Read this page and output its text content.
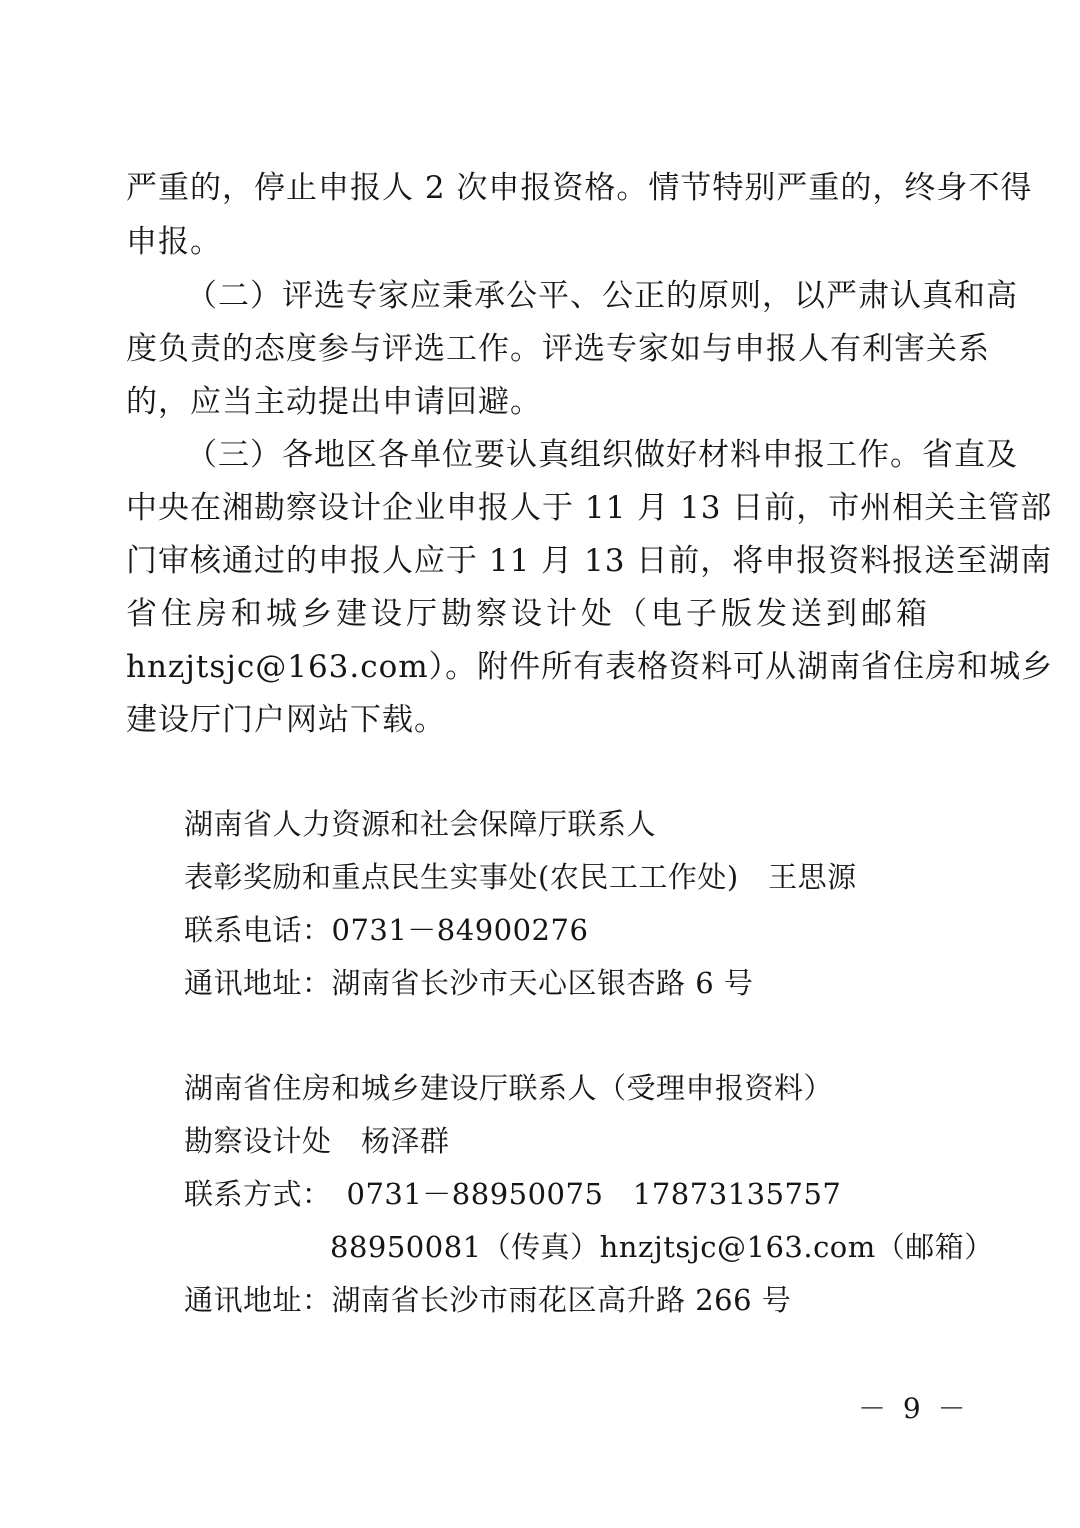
严重的，停止申报人 2 次申报资格。情节特别严重的，终身不得
申报。
（二）评选专家应秉承公平、公正的原则，以严肃认真和高
度负责的态度参与评选工作。评选专家如与申报人有利害关系
的，应当主动提出申请回避。
（三）各地区各单位要认真组织做好材料申报工作。省直及
中央在湘勘察设计企业申报人于 11 月 13 日前，市州相关主管部
门审核通过的申报人应于 11 月 13 日前，将申报资料报送至湖南
省住房和城乡建设厅勘察设计处（电子版发送到邮箱
hnzjtsjc@163.com）。附件所有表格资料可从湖南省住房和城乡
建设厅门户网站下载。
湖南省人力资源和社会保障厅联系人
表彰奖励和重点民生实事处(农民工工作处)　王思源
联系电话：0731－84900276
通讯地址：湖南省长沙市天心区银杏路 6 号
湖南省住房和城乡建设厅联系人（受理申报资料）
勘察设计处　杨泽群
联系方式：　0731－88950075　17873135757
88950081（传真）hnzjtsjc@163.com（邮箱）
通讯地址：湖南省长沙市雨花区高升路 266 号
－ 9 －
